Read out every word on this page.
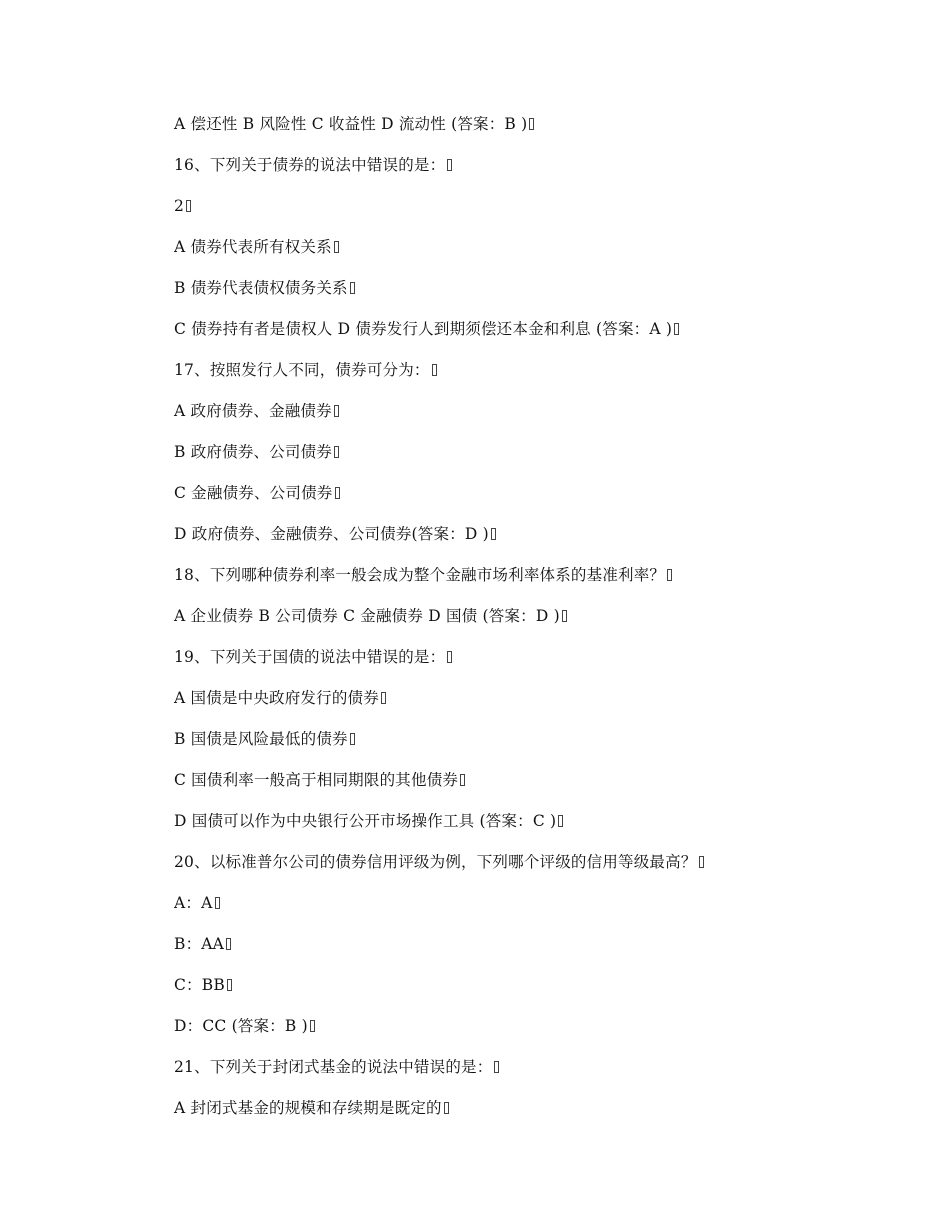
A 偿还性 B 风险性 C 收益性 D 流动性 (答案：B )
16、下列关于债券的说法中错误的是：
2
A 债券代表所有权关系
B 债券代表债权债务关系
C 债券持有者是债权人 D 债券发行人到期须偿还本金和利息 (答案：A )
17、按照发行人不同，债券可分为：
A 政府债券、金融债券
B 政府债券、公司债券
C 金融债券、公司债券
D 政府债券、金融债券、公司债券(答案：D )
18、下列哪种债券利率一般会成为整个金融市场利率体系的基准利率？
A 企业债券 B 公司债券 C 金融债券 D 国债 (答案：D )
19、下列关于国债的说法中错误的是：
A 国债是中央政府发行的债券
B 国债是风险最低的债券
C 国债利率一般高于相同期限的其他债券
D 国债可以作为中央银行公开市场操作工具 (答案：C )
20、以标准普尔公司的债券信用评级为例，下列哪个评级的信用等级最高？
A：A
B：AA
C：BB
D：CC (答案：B )
21、下列关于封闭式基金的说法中错误的是：
A 封闭式基金的规模和存续期是既定的
